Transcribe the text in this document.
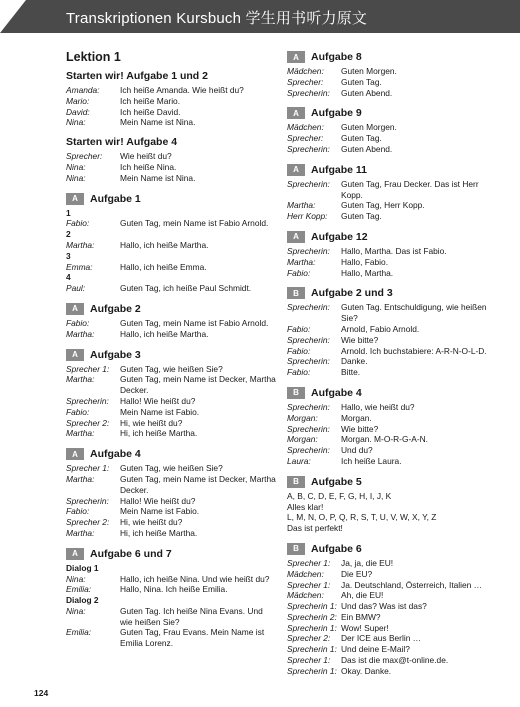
Transkriptionen Kursbuch 学生用书听力原文
Lektion 1
Starten wir! Aufgabe 1 und 2
Amanda:	Ich heiße Amanda. Wie heißt du?
Mario:	Ich heiße Mario.
David:	Ich heiße David.
Nina:	Mein Name ist Nina.
Starten wir! Aufgabe 4
Sprecher:	Wie heißt du?
Nina:	Ich heiße Nina.
Nina:	Mein Name ist Nina.
A	Aufgabe 1
1
Fabio:	Guten Tag, mein Name ist Fabio Arnold.
2
Martha:	Hallo, ich heiße Martha.
3
Emma:	Hallo, ich heiße Emma.
4
Paul:	Guten Tag, ich heiße Paul Schmidt.
A	Aufgabe 2
Fabio:	Guten Tag, mein Name ist Fabio Arnold.
Martha:	Hallo, ich heiße Martha.
A	Aufgabe 3
Sprecher 1:	Guten Tag, wie heißen Sie?
Martha:	Guten Tag, mein Name ist Decker, Martha Decker.
Sprecherin:	Hallo! Wie heißt du?
Fabio:	Mein Name ist Fabio.
Sprecher 2:	Hi, wie heißt du?
Martha:	Hi, ich heiße Martha.
A	Aufgabe 4
Sprecher 1:	Guten Tag, wie heißen Sie?
Martha:	Guten Tag, mein Name ist Decker, Martha Decker.
Sprecherin:	Hallo! Wie heißt du?
Fabio:	Mein Name ist Fabio.
Sprecher 2:	Hi, wie heißt du?
Martha:	Hi, ich heiße Martha.
A	Aufgabe 6 und 7
Dialog 1
Nina:	Hallo, ich heiße Nina. Und wie heißt du?
Emilia:	Hallo, Nina. Ich heiße Emilia.
Dialog 2
Nina:	Guten Tag. Ich heiße Nina Evans. Und wie heißen Sie?
Emilia:	Guten Tag, Frau Evans. Mein Name ist Emilia Lorenz.
A	Aufgabe 8
Mädchen:	Guten Morgen.
Sprecher:	Guten Tag.
Sprecherin:	Guten Abend.
A	Aufgabe 9
Mädchen:	Guten Morgen.
Sprecher:	Guten Tag.
Sprecherin:	Guten Abend.
A	Aufgabe 11
Sprecherin:	Guten Tag, Frau Decker. Das ist Herr Kopp.
Martha:	Guten Tag, Herr Kopp.
Herr Kopp:	Guten Tag.
A	Aufgabe 12
Sprecherin:	Hallo, Martha. Das ist Fabio.
Martha:	Hallo, Fabio.
Fabio:	Hallo, Martha.
B	Aufgabe 2 und 3
Sprecherin:	Guten Tag. Entschuldigung, wie heißen Sie?
Fabio:	Arnold, Fabio Arnold.
Sprecherin:	Wie bitte?
Fabio:	Arnold. Ich buchstabiere: A-R-N-O-L-D.
Sprecherin:	Danke.
Fabio:	Bitte.
B	Aufgabe 4
Sprecherin:	Hallo, wie heißt du?
Morgan:	Morgan.
Sprecherin:	Wie bitte?
Morgan:	Morgan. M-O-R-G-A-N.
Sprecherin:	Und du?
Laura:	Ich heiße Laura.
B	Aufgabe 5
A, B, C, D, E, F, G, H, I, J, K
Alles klar!
L, M, N, O, P, Q, R, S, T, U, V, W, X, Y, Z
Das ist perfekt!
B	Aufgabe 6
Sprecher 1:	Ja, ja, die EU!
Mädchen:	Die EU?
Sprecher 1:	Ja. Deutschland, Österreich, Italien …
Mädchen:	Ah, die EU!
Sprecherin 1: Und das? Was ist das?
Sprecherin 2: Ein BMW?
Sprecherin 1: Wow! Super!
Sprecher 2:	Der ICE aus Berlin …
Sprecherin 1: Und deine E-Mail?
Sprecher 1:	Das ist die max@t-online.de.
Sprecherin 1: Okay. Danke.
124
